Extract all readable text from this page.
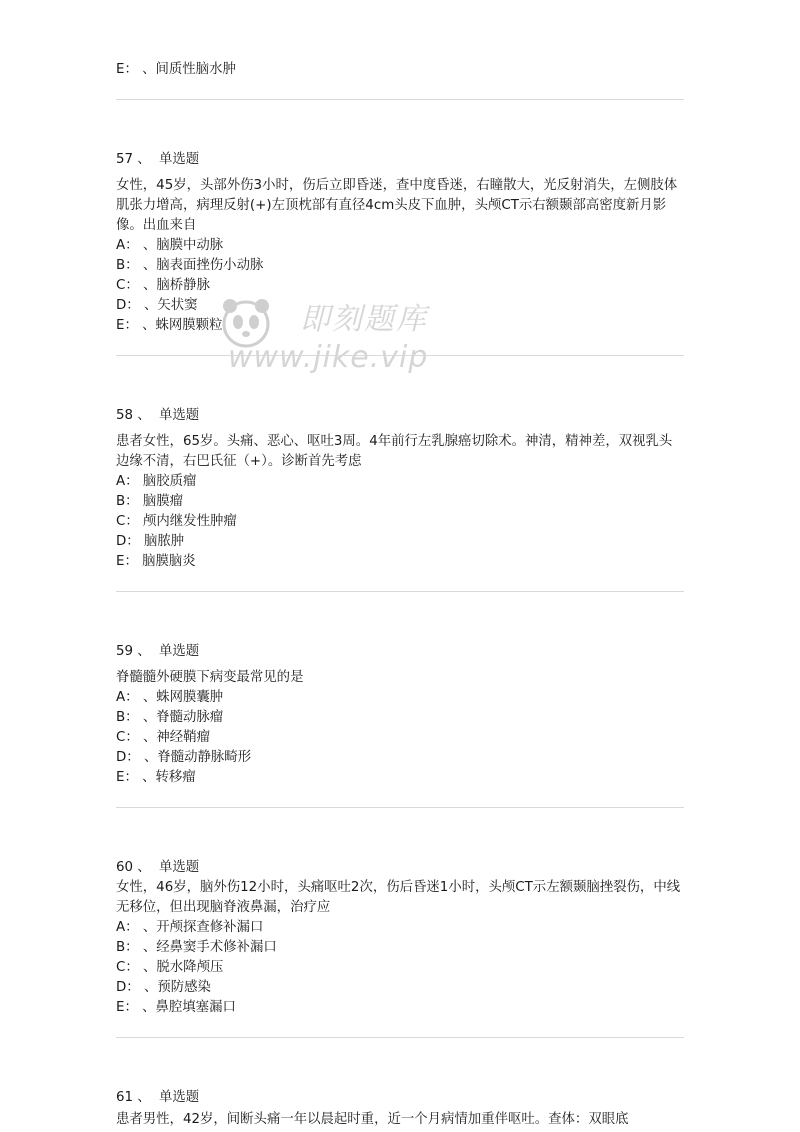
即刻题库
www.jike.vip
E： 、间质性脑水肿
57 、 单选题
女性，45岁，头部外伤3小时，伤后立即昏迷，查中度昏迷，右瞳散大，光反射消失，左侧肢体肌张力增高，病理反射(+)左顶枕部有直径4cm头皮下血肿，头颅CT示右额颞部高密度新月影像。出血来自
A： 、脑膜中动脉
B： 、脑表面挫伤小动脉
C： 、脑桥静脉
D： 、矢状窦
E： 、蛛网膜颗粒
58 、 单选题
患者女性，65岁。头痛、恶心、呕吐3周。4年前行左乳腺癌切除术。神清，精神差，双视乳头边缘不清，右巴氏征（+）。诊断首先考虑
A： 脑胶质瘤
B： 脑膜瘤
C： 颅内继发性肿瘤
D： 脑脓肿
E： 脑膜脑炎
59 、 单选题
脊髓髓外硬膜下病变最常见的是
A： 、蛛网膜囊肿
B： 、脊髓动脉瘤
C： 、神经鞘瘤
D： 、脊髓动静脉畸形
E： 、转移瘤
60 、 单选题
女性，46岁，脑外伤12小时，头痛呕吐2次，伤后昏迷1小时，头颅CT示左额颞脑挫裂伤，中线无移位，但出现脑脊液鼻漏，治疗应
A： 、开颅探查修补漏口
B： 、经鼻窦手术修补漏口
C： 、脱水降颅压
D： 、预防感染
E： 、鼻腔填塞漏口
61 、 单选题
患者男性，42岁，间断头痛一年以晨起时重，近一个月病情加重伴呕吐。查体：双眼底
